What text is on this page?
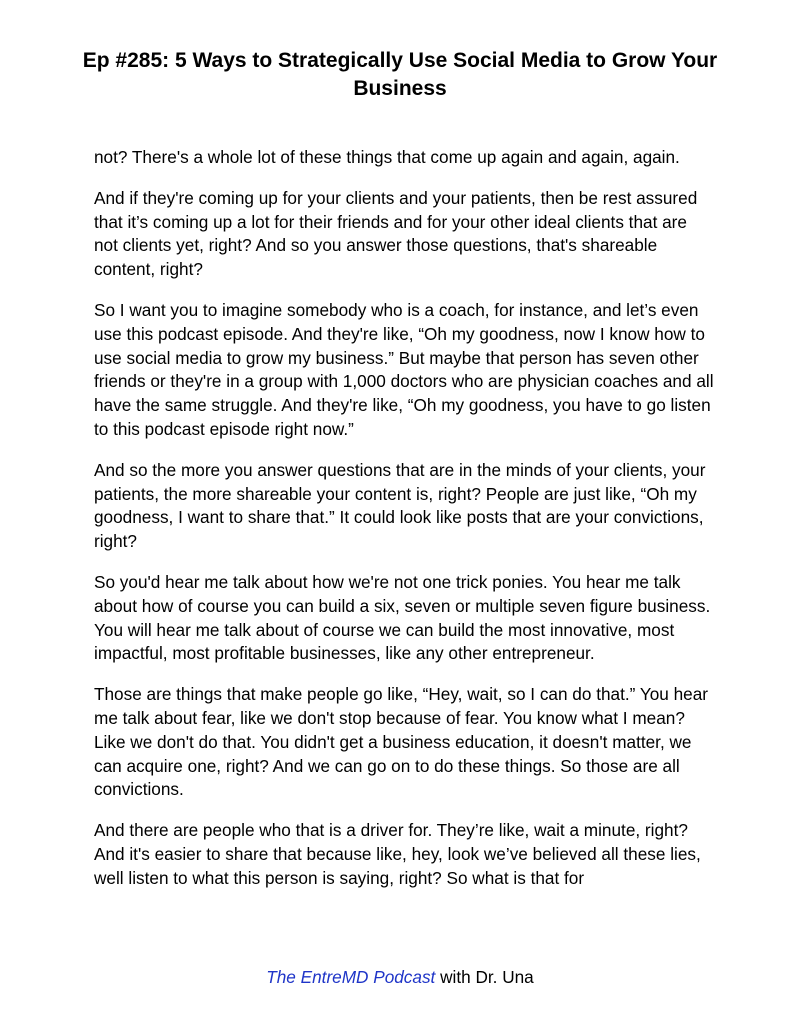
Ep #285: 5 Ways to Strategically Use Social Media to Grow Your Business

not? There's a whole lot of these things that come up again and again, again.

And if they're coming up for your clients and your patients, then be rest assured that it’s coming up a lot for their friends and for your other ideal clients that are not clients yet, right? And so you answer those questions, that's shareable content, right?

So I want you to imagine somebody who is a coach, for instance, and let’s even use this podcast episode. And they're like, “Oh my goodness, now I know how to use social media to grow my business.” But maybe that person has seven other friends or they're in a group with 1,000 doctors who are physician coaches and all have the same struggle. And they're like, “Oh my goodness, you have to go listen to this podcast episode right now.”

And so the more you answer questions that are in the minds of your clients, your patients, the more shareable your content is, right? People are just like, “Oh my goodness, I want to share that.” It could look like posts that are your convictions, right?

So you'd hear me talk about how we're not one trick ponies. You hear me talk about how of course you can build a six, seven or multiple seven figure business. You will hear me talk about of course we can build the most innovative, most impactful, most profitable businesses, like any other entrepreneur.

Those are things that make people go like, “Hey, wait, so I can do that.” You hear me talk about fear, like we don't stop because of fear. You know what I mean? Like we don't do that. You didn't get a business education, it doesn't matter, we can acquire one, right? And we can go on to do these things. So those are all convictions.

And there are people who that is a driver for. They’re like, wait a minute, right? And it's easier to share that because like, hey, look we’ve believed all these lies, well listen to what this person is saying, right? So what is that for

The EntreMD Podcast with Dr. Una
